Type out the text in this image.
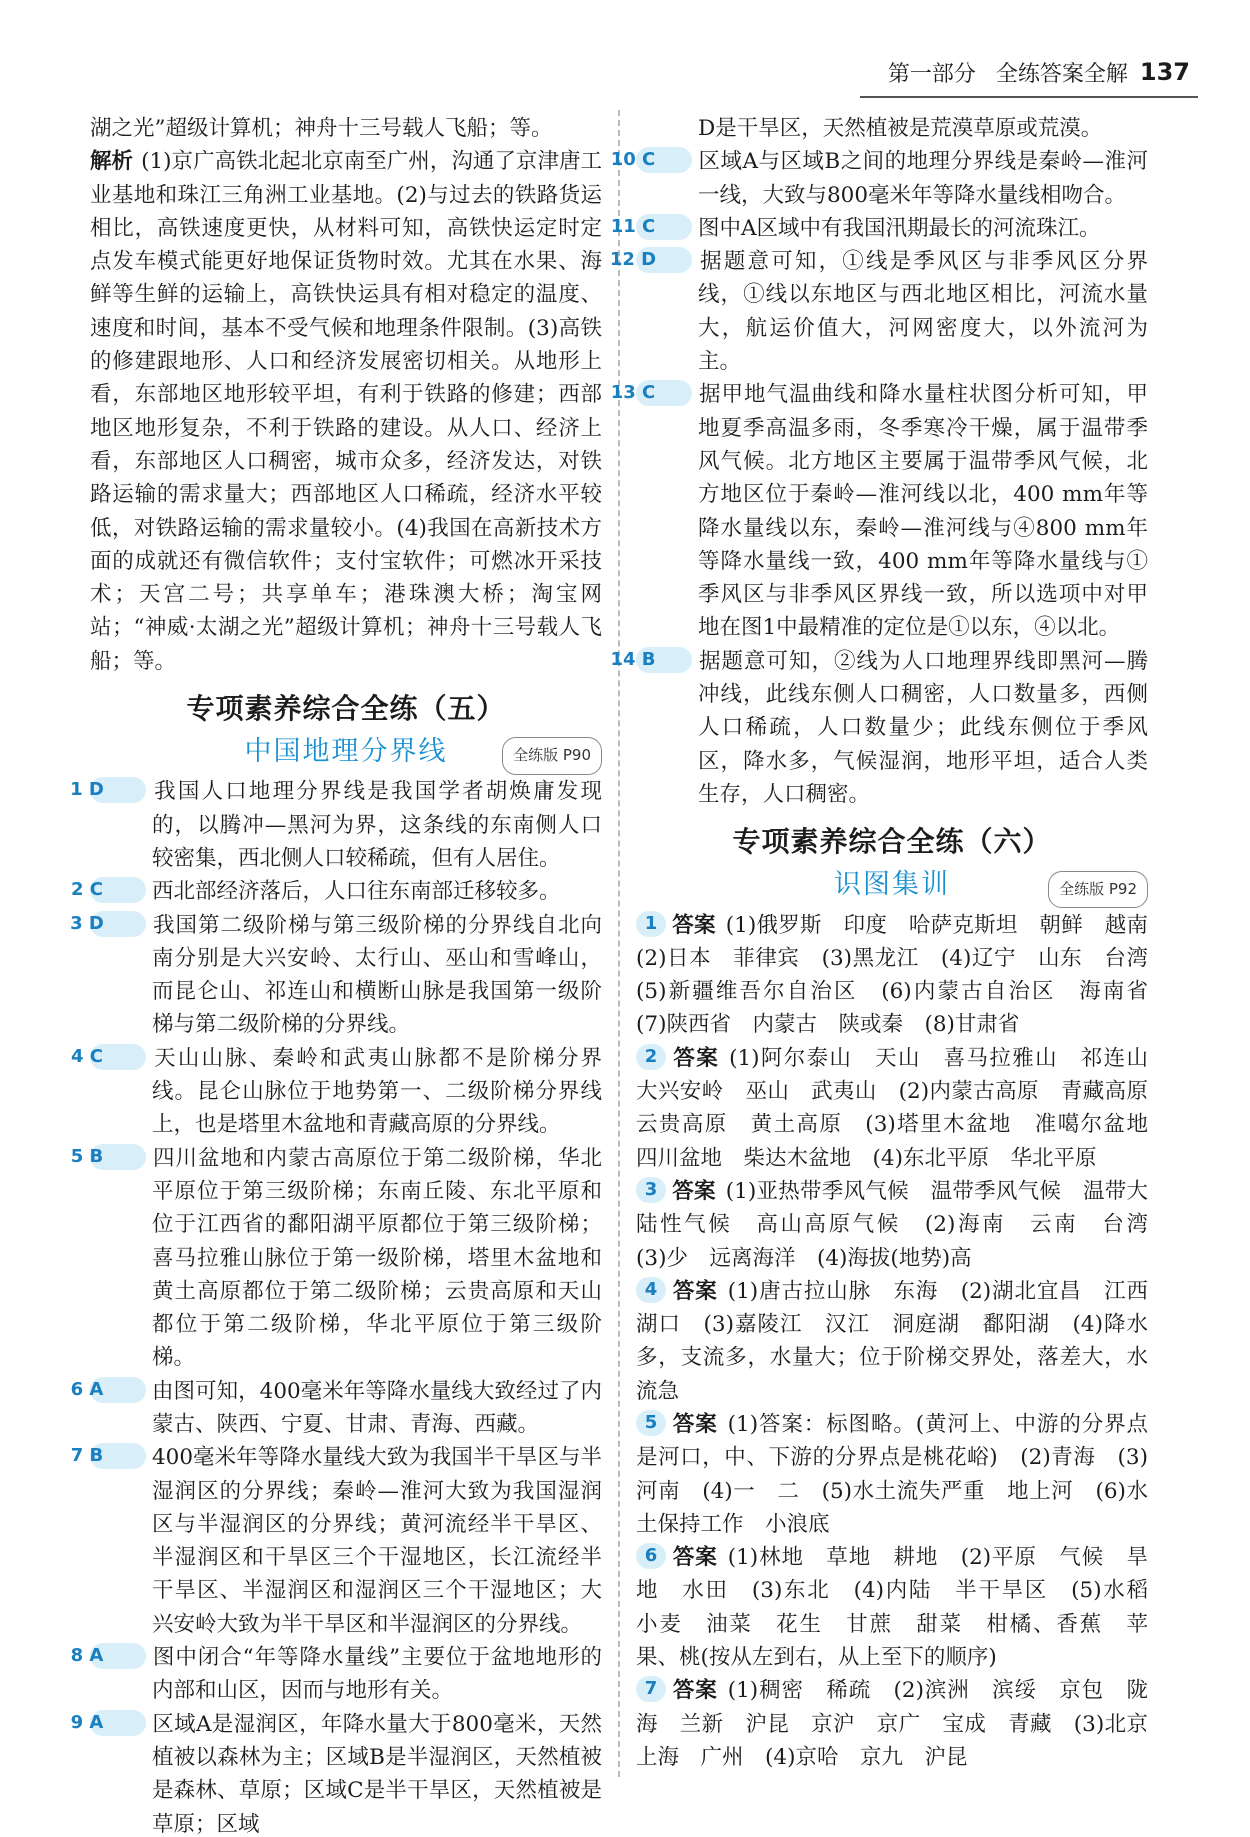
第一部分 全练答案全解 137

湖之光”超级计算机；神舟十三号载人飞船；等。

解析 (1)京广高铁北起北京南至广州，沟通了京津唐工业基地和珠江三角洲工业基地。(2)与过去的铁路货运相比，高铁速度更快，从材料可知，高铁快运定时定点发车模式能更好地保证货物时效。尤其在水果、海鲜等生鲜的运输上，高铁快运具有相对稳定的温度、速度和时间，基本不受气候和地理条件限制。(3)高铁的修建跟地形、人口和经济发展密切相关。从地形上看，东部地区地形较平坦，有利于铁路的修建；西部地区地形复杂，不利于铁路的建设。从人口、经济上看，东部地区人口稠密，城市众多，经济发达，对铁路运输的需求量大；西部地区人口稀疏，经济水平较低，对铁路运输的需求量较小。(4)我国在高新技术方面的成就还有微信软件；支付宝软件；可燃冰开采技术；天宫二号；共享单车；港珠澳大桥；淘宝网站；“神威·太湖之光”超级计算机；神舟十三号载人飞船；等。

专项素养综合全练（五）
中国地理分界线	全练版 P90

1 D 我国人口地理分界线是我国学者胡焕庸发现的，以腾冲—黑河为界，这条线的东南侧人口较密集，西北侧人口较稀疏，但有人居住。

2 C 西北部经济落后，人口往东南部迁移较多。

3 D 我国第二级阶梯与第三级阶梯的分界线自北向南分别是大兴安岭、太行山、巫山和雪峰山，而昆仑山、祁连山和横断山脉是我国第一级阶梯与第二级阶梯的分界线。

4 C 天山山脉、秦岭和武夷山脉都不是阶梯分界线。昆仑山脉位于地势第一、二级阶梯分界线上，也是塔里木盆地和青藏高原的分界线。

5 B 四川盆地和内蒙古高原位于第二级阶梯，华北平原位于第三级阶梯；东南丘陵、东北平原和位于江西省的鄱阳湖平原都位于第三级阶梯；喜马拉雅山脉位于第一级阶梯，塔里木盆地和黄土高原都位于第二级阶梯；云贵高原和天山都位于第二级阶梯，华北平原位于第三级阶梯。

6 A 由图可知，400毫米年等降水量线大致经过了内蒙古、陕西、宁夏、甘肃、青海、西藏。

7 B 400毫米年等降水量线大致为我国半干旱区与半湿润区的分界线；秦岭—淮河大致为我国湿润区与半湿润区的分界线；黄河流经半干旱区、半湿润区和干旱区三个干湿地区，长江流经半干旱区、半湿润区和湿润区三个干湿地区；大兴安岭大致为半干旱区和半湿润区的分界线。

8 A 图中闭合“年等降水量线”主要位于盆地地形的内部和山区，因而与地形有关。

9 A 区域A是湿润区，年降水量大于800毫米，天然植被以森林为主；区域B是半湿润区，天然植被是森林、草原；区域C是半干旱区，天然植被是草原；区域

D是干旱区，天然植被是荒漠草原或荒漠。

10 C 区域A与区域B之间的地理分界线是秦岭—淮河一线，大致与800毫米年等降水量线相吻合。

11 C 图中A区域中有我国汛期最长的河流珠江。

12 D 据题意可知，①线是季风区与非季风区分界线，①线以东地区与西北地区相比，河流水量大，航运价值大，河网密度大，以外流河为主。

13 C 据甲地气温曲线和降水量柱状图分析可知，甲地夏季高温多雨，冬季寒冷干燥，属于温带季风气候。北方地区主要属于温带季风气候，北方地区位于秦岭—淮河线以北，400 mm年等降水量线以东，秦岭—淮河线与④800 mm年等降水量线一致，400 mm年等降水量线与①季风区与非季风区界线一致，所以选项中对甲地在图1中最精准的定位是①以东，④以北。

14 B 据题意可知，②线为人口地理界线即黑河—腾冲线，此线东侧人口稠密，人口数量多，西侧人口稀疏，人口数量少；此线东侧位于季风区，降水多，气候湿润，地形平坦，适合人类生存，人口稠密。

专项素养综合全练（六）
识图集训	全练版 P92

1 答案 (1)俄罗斯　印度　哈萨克斯坦　朝鲜　越南　(2)日本　菲律宾　(3)黑龙江　(4)辽宁　山东　台湾　(5)新疆维吾尔自治区　(6)内蒙古自治区　海南省　(7)陕西省　内蒙古　陕或秦　(8)甘肃省

2 答案 (1)阿尔泰山　天山　喜马拉雅山　祁连山　大兴安岭　巫山　武夷山　(2)内蒙古高原　青藏高原　云贵高原　黄土高原　(3)塔里木盆地　准噶尔盆地　四川盆地　柴达木盆地　(4)东北平原　华北平原

3 答案 (1)亚热带季风气候　温带季风气候　温带大陆性气候　高山高原气候　(2)海南　云南　台湾　(3)少　远离海洋　(4)海拔(地势)高

4 答案 (1)唐古拉山脉　东海　(2)湖北宜昌　江西湖口　(3)嘉陵江　汉江　洞庭湖　鄱阳湖　(4)降水多，支流多，水量大；位于阶梯交界处，落差大，水流急

5 答案 (1)答案：标图略。(黄河上、中游的分界点是河口，中、下游的分界点是桃花峪)　(2)青海　(3)河南　(4)一　二　(5)水土流失严重　地上河　(6)水土保持工作　小浪底

6 答案 (1)林地　草地　耕地　(2)平原　气候　旱地　水田　(3)东北　(4)内陆　半干旱区　(5)水稻　小麦　油菜　花生　甘蔗　甜菜　柑橘、香蕉　苹果、桃(按从左到右，从上至下的顺序)

7 答案 (1)稠密　稀疏　(2)滨洲　滨绥　京包　陇海　兰新　沪昆　京沪　京广　宝成　青藏　(3)北京　上海　广州　(4)京哈　京九　沪昆
